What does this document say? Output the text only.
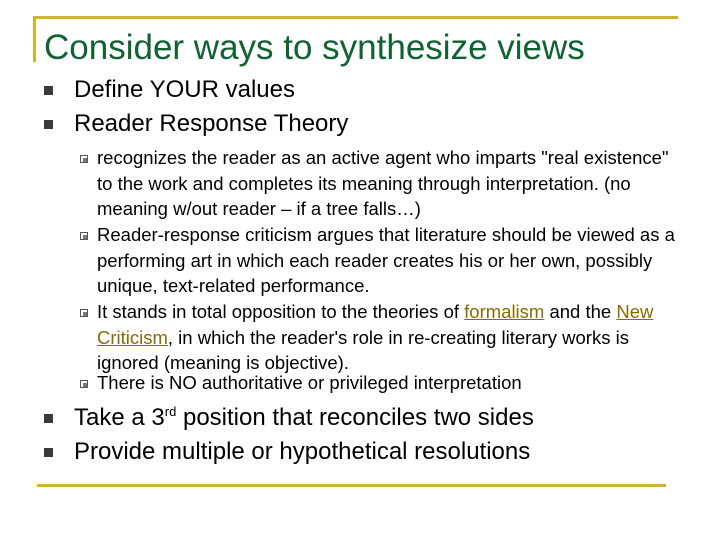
Consider ways to synthesize views
Define YOUR values
Reader Response Theory
recognizes the reader as an active agent who imparts "real existence" to the work and completes its meaning through interpretation. (no meaning w/out reader – if a tree falls…)
Reader-response criticism argues that literature should be viewed as a performing art in which each reader creates his or her own, possibly unique, text-related performance.
It stands in total opposition to the theories of formalism and the New Criticism, in which the reader's role in re-creating literary works is ignored (meaning is objective).
There is NO authoritative or privileged interpretation
Take a 3rd position that reconciles two sides
Provide multiple or hypothetical resolutions
